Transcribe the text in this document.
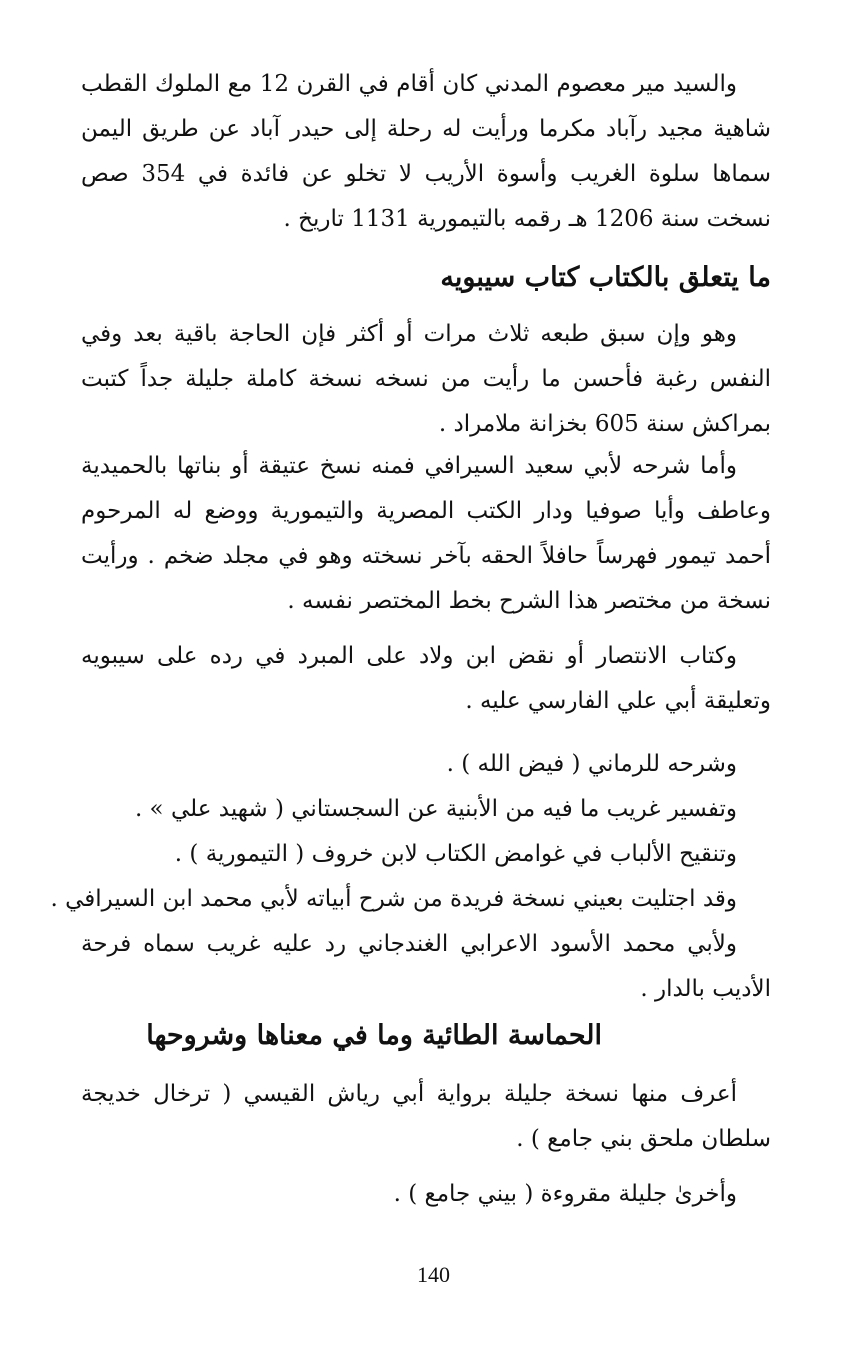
والسيد مير معصوم المدني كان أقام في القرن 12 مع الملوك القطب شاهية مجيد رآباد مكرما ورأيت له رحلة إلى حيدر آباد عن طريق اليمن سماها سلوة الغريب وأسوة الأريب لا تخلو عن فائدة في 354 صص نسخت سنة 1206 هـ رقمه بالتيمورية 1131 تاريخ .

ما يتعلق بالكتاب كتاب سيبويه

وهو وإن سبق طبعه ثلاث مرات أو أكثر فإن الحاجة باقية بعد وفي النفس رغبة فأحسن ما رأيت من نسخه نسخة كاملة جليلة جداً كتبت بمراكش سنة 605 بخزانة ملامراد .

وأما شرحه لأبي سعيد السيرافي فمنه نسخ عتيقة أو بناتها بالحميدية وعاطف وأيا صوفيا ودار الكتب المصرية والتيمورية ووضع له المرحوم أحمد تيمور فهرساً حافلاً الحقه بآخر نسخته وهو في مجلد ضخم . ورأيت نسخة من مختصر هذا الشرح بخط المختصر نفسه .

وكتاب الانتصار أو نقض ابن ولاد على المبرد في رده على سيبويه وتعليقة أبي علي الفارسي عليه .

وشرحه للرماني ( فيض الله ) .

وتفسير غريب ما فيه من الأبنية عن السجستاني ( شهيد علي » .

وتنقيح الألباب في غوامض الكتاب لابن خروف ( التيمورية ) .

وقد اجتليت بعيني نسخة فريدة من شرح أبياته لأبي محمد ابن السيرافي .

ولأبي محمد الأسود الاعرابي الغندجاني رد عليه غريب سماه فرحة الأديب بالدار .

الحماسة الطائية وما في معناها وشروحها

أعرف منها نسخة جليلة برواية أبي رياش القيسي ( ترخال خديجة سلطان ملحق بني جامع ) .

وأخرىٰ جليلة مقروءة ( بيني جامع ) .

140
